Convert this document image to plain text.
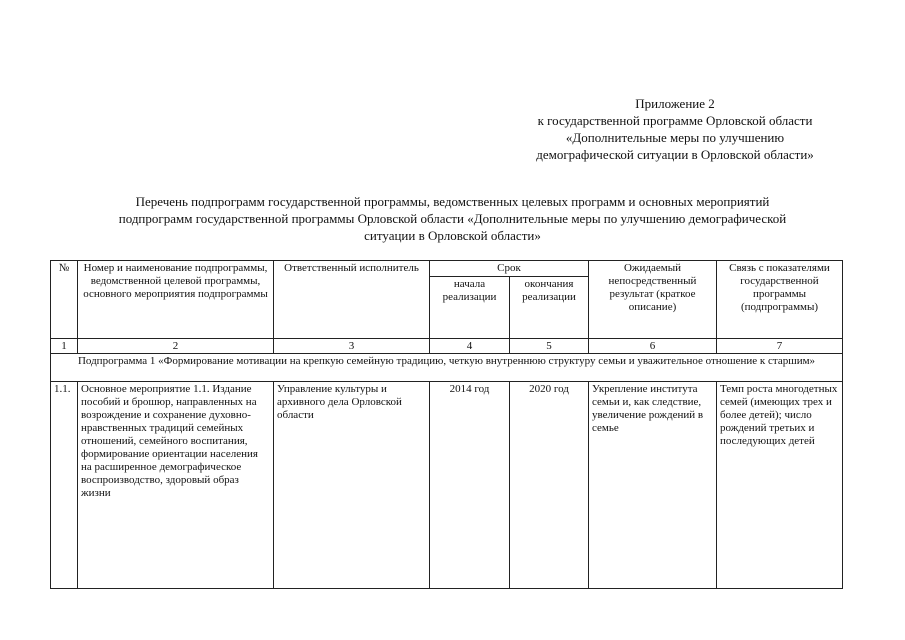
Приложение 2
к государственной программе Орловской области
«Дополнительные меры по улучшению
демографической ситуации в Орловской области»
Перечень подпрограмм государственной программы, ведомственных целевых программ и основных мероприятий
подпрограмм государственной программы Орловской области «Дополнительные меры по улучшению демографической
ситуации в Орловской области»
№	Номер и наименование подпрограммы, ведомственной целевой программы, основного мероприятия подпрограммы	Ответственный исполнитель	Срок		Ожидаемый непосредственный результат (краткое описание)	Связь с показателями государственной программы (подпрограммы)
			начала реализации	окончания реализации		
1	2	3	4	5	6	7
Подпрограмма 1 «Формирование мотивации на крепкую семейную традицию, четкую внутреннюю структуру семьи и уважительное отношение к старшим»						
1.1.	Основное мероприятие 1.1. Издание пособий и брошюр, направленных на возрождение и сохранение духовно-нравственных традиций семейных отношений, семейного воспитания, формирование ориентации населения на расширенное демографическое воспроизводство, здоровый образ жизни	Управление культуры и архивного дела Орловской области	2014 год	2020 год	Укрепление института семьи и, как следствие, увеличение рождений в семье	Темп роста многодетных семей (имеющих трех и более детей); число рождений третьих и последующих детей
